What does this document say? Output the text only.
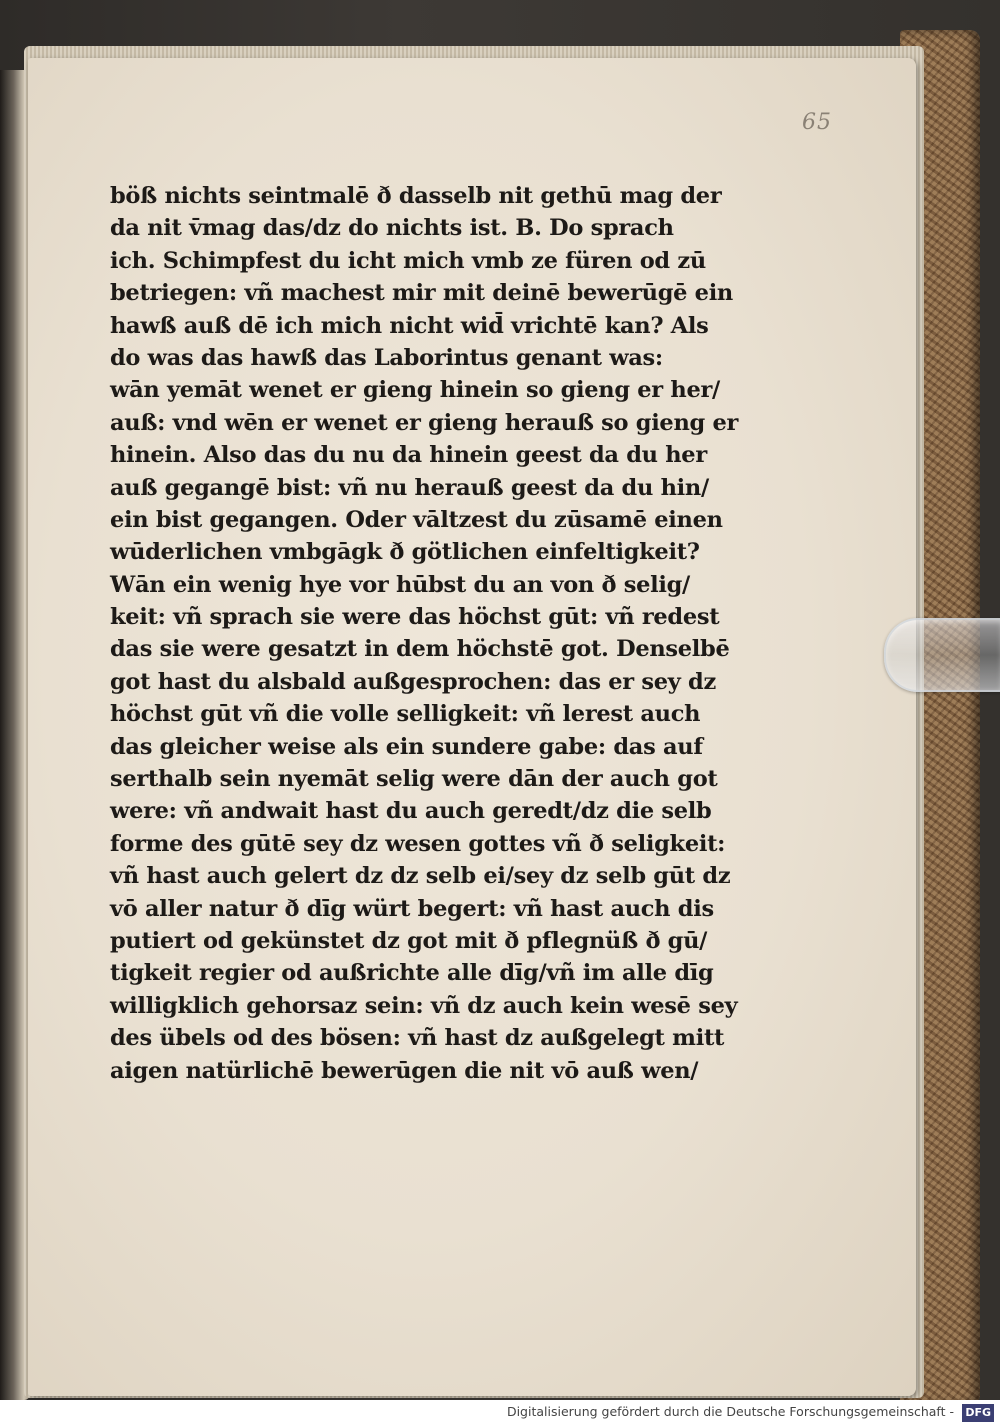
65
böß nichts seintmalē ð dasselb nit gethū mag der
da nit v̄mag das/dz do nichts ist. B. Do sprach
ich. Schimpfest du icht mich vmb ze füren od zū
betriegen: vñ machest mir mit deinē bewerūgē ein
hawß auß dē ich mich nicht wid̄ vrichtē kan? Als
do was das hawß das Laborintus genant was:
wān yemāt wenet er gieng hinein so gieng er her/
auß: vnd wēn er wenet er gieng herauß so gieng er
hinein. Also das du nu da hinein geest da du her
auß gegangē bist: vñ nu herauß geest da du hin/
ein bist gegangen. Oder vāltzest du zūsamē einen
wūderlichen vmbgāgk ð götlichen einfeltigkeit?
Wān ein wenig hye vor hūbst du an von ð selig/
keit: vñ sprach sie were das höchst gūt: vñ redest
das sie were gesatzt in dem höchstē got. Denselbē
got hast du alsbald außgesprochen: das er sey dz
höchst gūt vñ die volle selligkeit: vñ lerest auch
das gleicher weise als ein sundere gabe: das auf
serthalb sein nyemāt selig were dān der auch got
were: vñ andwait hast du auch geredt/dz die selb
forme des gūtē sey dz wesen gottes vñ ð seligkeit:
vñ hast auch gelert dz dz selb ei/sey dz selb gūt dz
vō aller natur ð dīg würt begert: vñ hast auch dis
putiert od gekünstet dz got mit ð pflegnüß ð gū/
tigkeit regier od außrichte alle dīg/vñ im alle dīg
willigklich gehorsaz sein: vñ dz auch kein wesē sey
des übels od des bösen: vñ hast dz außgelegt mitt
aigen natürlichē bewerūgen die nit vō auß wen/
Digitalisierung gefördert durch die Deutsche Forschungsgemeinschaft - DFG
